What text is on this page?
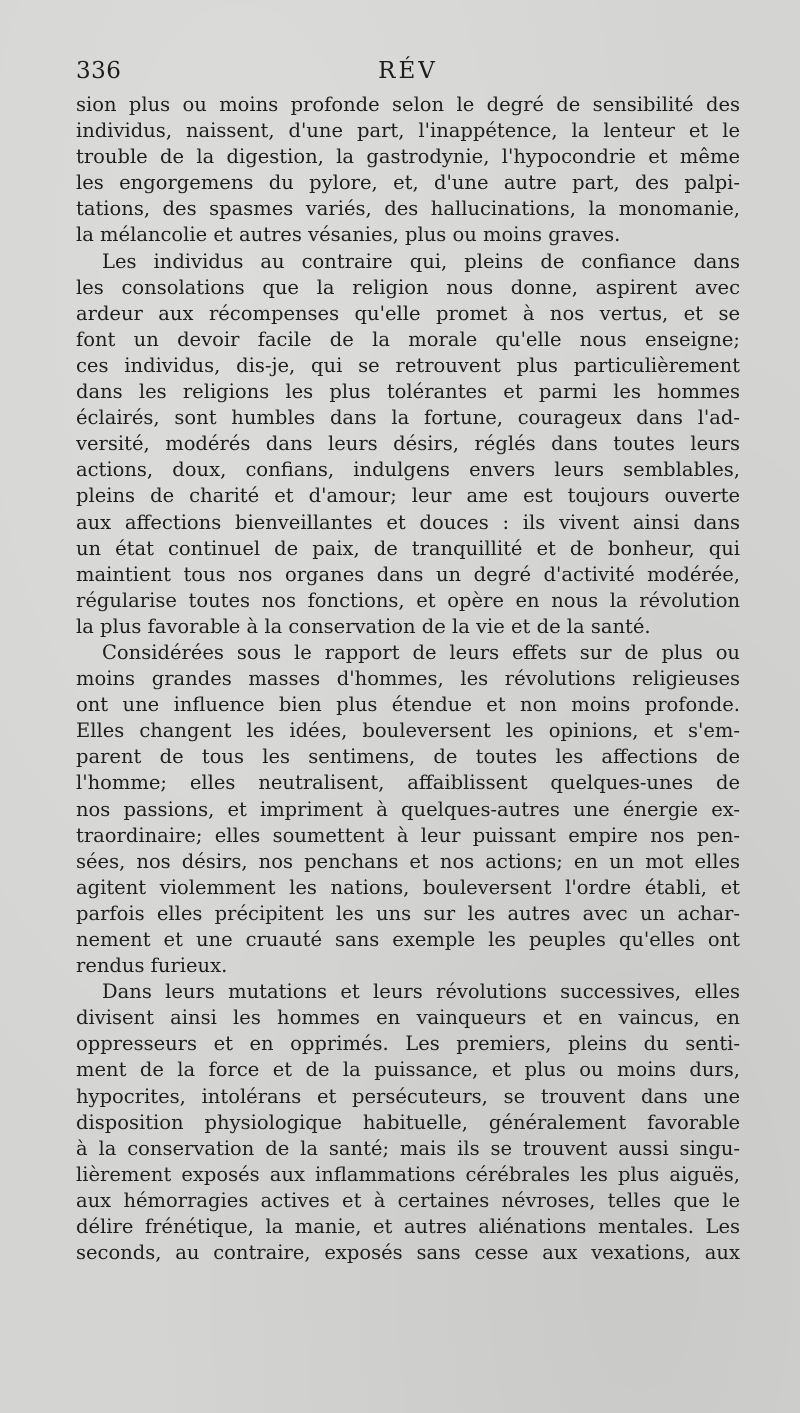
336	RÉV
sion plus ou moins profonde selon le degré de sensibilité des
individus, naissent, d'une part, l'inappétence, la lenteur et le
trouble de la digestion, la gastrodynie, l'hypocondrie et même
les engorgemens du pylore, et, d'une autre part, des palpi-
tations, des spasmes variés, des hallucinations, la monomanie,
la mélancolie et autres vésanies, plus ou moins graves.
Les individus au contraire qui, pleins de confiance dans
les consolations que la religion nous donne, aspirent avec
ardeur aux récompenses qu'elle promet à nos vertus, et se
font un devoir facile de la morale qu'elle nous enseigne;
ces individus, dis-je, qui se retrouvent plus particulièrement
dans les religions les plus tolérantes et parmi les hommes
éclairés, sont humbles dans la fortune, courageux dans l'ad-
versité, modérés dans leurs désirs, réglés dans toutes leurs
actions, doux, confians, indulgens envers leurs semblables,
pleins de charité et d'amour; leur ame est toujours ouverte
aux affections bienveillantes et douces : ils vivent ainsi dans
un état continuel de paix, de tranquillité et de bonheur, qui
maintient tous nos organes dans un degré d'activité modérée,
régularise toutes nos fonctions, et opère en nous la révolution
la plus favorable à la conservation de la vie et de la santé.
Considérées sous le rapport de leurs effets sur de plus ou
moins grandes masses d'hommes, les révolutions religieuses
ont une influence bien plus étendue et non moins profonde.
Elles changent les idées, bouleversent les opinions, et s'em-
parent de tous les sentimens, de toutes les affections de
l'homme; elles neutralisent, affaiblissent quelques-unes de
nos passions, et impriment à quelques-autres une énergie ex-
traordinaire; elles soumettent à leur puissant empire nos pen-
sées, nos désirs, nos penchans et nos actions; en un mot elles
agitent violemment les nations, bouleversent l'ordre établi, et
parfois elles précipitent les uns sur les autres avec un achar-
nement et une cruauté sans exemple les peuples qu'elles ont
rendus furieux.
Dans leurs mutations et leurs révolutions successives, elles
divisent ainsi les hommes en vainqueurs et en vaincus, en
oppresseurs et en opprimés. Les premiers, pleins du senti-
ment de la force et de la puissance, et plus ou moins durs,
hypocrites, intolérans et persécuteurs, se trouvent dans une
disposition physiologique habituelle, généralement favorable
à la conservation de la santé; mais ils se trouvent aussi singu-
lièrement exposés aux inflammations cérébrales les plus aiguës,
aux hémorragies actives et à certaines névroses, telles que le
délire frénétique, la manie, et autres aliénations mentales. Les
seconds, au contraire, exposés sans cesse aux vexations, aux
